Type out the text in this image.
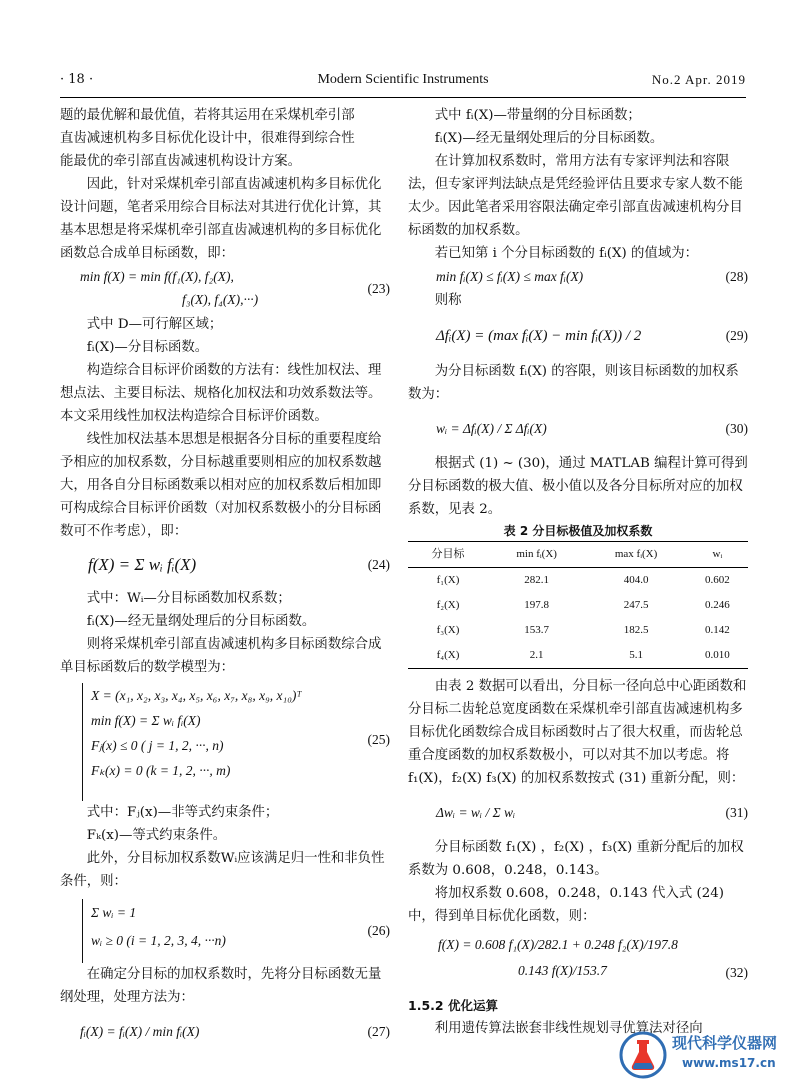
· 18 ·	Modern Scientific Instruments	No.2 Apr. 2019

题的最优解和最优值，若将其运用在采煤机牵引部

直齿减速机构多目标优化设计中，很难得到综合性

能最优的牵引部直齿减速机构设计方案。

因此，针对采煤机牵引部直齿减速机构多目标优化设计问题，笔者采用综合目标法对其进行优化计算，其基本思想是将采煤机牵引部直齿减速机构的多目标优化函数总合成单目标函数，即：

min f(X) = min f(f₁(X), f₂(X),
f₃(X), f₄(X),···)
(23)

式中 D—可行解区域；

fᵢ(X)—分目标函数。

构造综合目标评价函数的方法有：线性加权法、理想点法、主要目标法、规格化加权法和功效系数法等。本文采用线性加权法构造综合目标评价函数。

线性加权法基本思想是根据各分目标的重要程度给予相应的加权系数，分目标越重要则相应的加权系数越大，用各自分目标函数乘以相对应的加权系数后相加即可构成综合目标评价函数（对加权系数极小的分目标函数可不作考虑），即：

f(X) = Σ wᵢ fᵢ(X)	(24)

式中：Wᵢ—分目标函数加权系数；

fᵢ(X)—经无量纲处理后的分目标函数。

则将采煤机牵引部直齿减速机构多目标函数综合成单目标函数后的数学模型为：

X = (x₁, x₂, x₃, x₄, x₅, x₆, x₇, x₈, x₉, x₁₀)ᵀ
min f(X) = Σ wᵢ fᵢ(X)
Fⱼ(x) ≤ 0 ( j = 1, 2, ···, n)
Fₖ(x) = 0 (k = 1, 2, ···, m)
(25)

式中：Fⱼ(x)—非等式约束条件；

Fₖ(x)—等式约束条件。

此外，分目标加权系数Wᵢ应该满足归一性和非负性条件，则：

Σ wᵢ = 1
wᵢ ≥ 0 (i = 1, 2, 3, 4, ···n)
(26)

在确定分目标的加权系数时，先将分目标函数无量纲处理，处理方法为：

fᵢ(X) = fᵢ(X) / min fᵢ(X)	(27)

式中 fᵢ(X)—带量纲的分目标函数；

fᵢ(X)—经无量纲处理后的分目标函数。

在计算加权系数时，常用方法有专家评判法和容限法，但专家评判法缺点是凭经验评估且要求专家人数不能太少。因此笔者采用容限法确定牵引部直齿减速机构分目标函数的加权系数。

若已知第 i 个分目标函数的 fᵢ(X) 的值域为：

min fᵢ(X) ≤ fᵢ(X) ≤ max fᵢ(X)	(28)

则称

Δfᵢ(X) = (max fᵢ(X) − min fᵢ(X)) / 2	(29)

为分目标函数 fᵢ(X) 的容限，则该目标函数的加权系数为：

wᵢ = Δfᵢ(X) / Σ Δfᵢ(X)	(30)

根据式 (1) ~ (30)，通过 MATLAB 编程计算可得到分目标函数的极大值、极小值以及各分目标所对应的加权系数，见表 2。

表 2 分目标极值及加权系数
分目标	min fᵢ(X)	max fᵢ(X)	wᵢ
f₁(X)	282.1	404.0	0.602
f₂(X)	197.8	247.5	0.246
f₃(X)	153.7	182.5	0.142
f₄(X)	2.1	5.1	0.010

由表 2 数据可以看出，分目标一径向总中心距函数和分目标二齿轮总宽度函数在采煤机牵引部直齿减速机构多目标优化函数综合成目标函数时占了很大权重，而齿轮总重合度函数的加权系数极小，可以对其不加以考虑。将 f₁(X)，f₂(X) f₃(X) 的加权系数按式 (31) 重新分配，则：

Δwᵢ = wᵢ / Σ wᵢ	(31)

分目标函数 f₁(X) ，f₂(X) ，f₃(X) 重新分配后的加权系数为 0.608，0.248，0.143。

将加权系数 0.608，0.248，0.143 代入式 (24) 中，得到单目标优化函数，则：

f(X) = 0.608 f₁(X)/282.1 + 0.248 f₂(X)/197.8
0.143 f(X)/153.7	(32)

1.5.2 优化运算

利用遗传算法嵌套非线性规划寻优算法对径向

现代科学仪器网
www.ms17.cn
